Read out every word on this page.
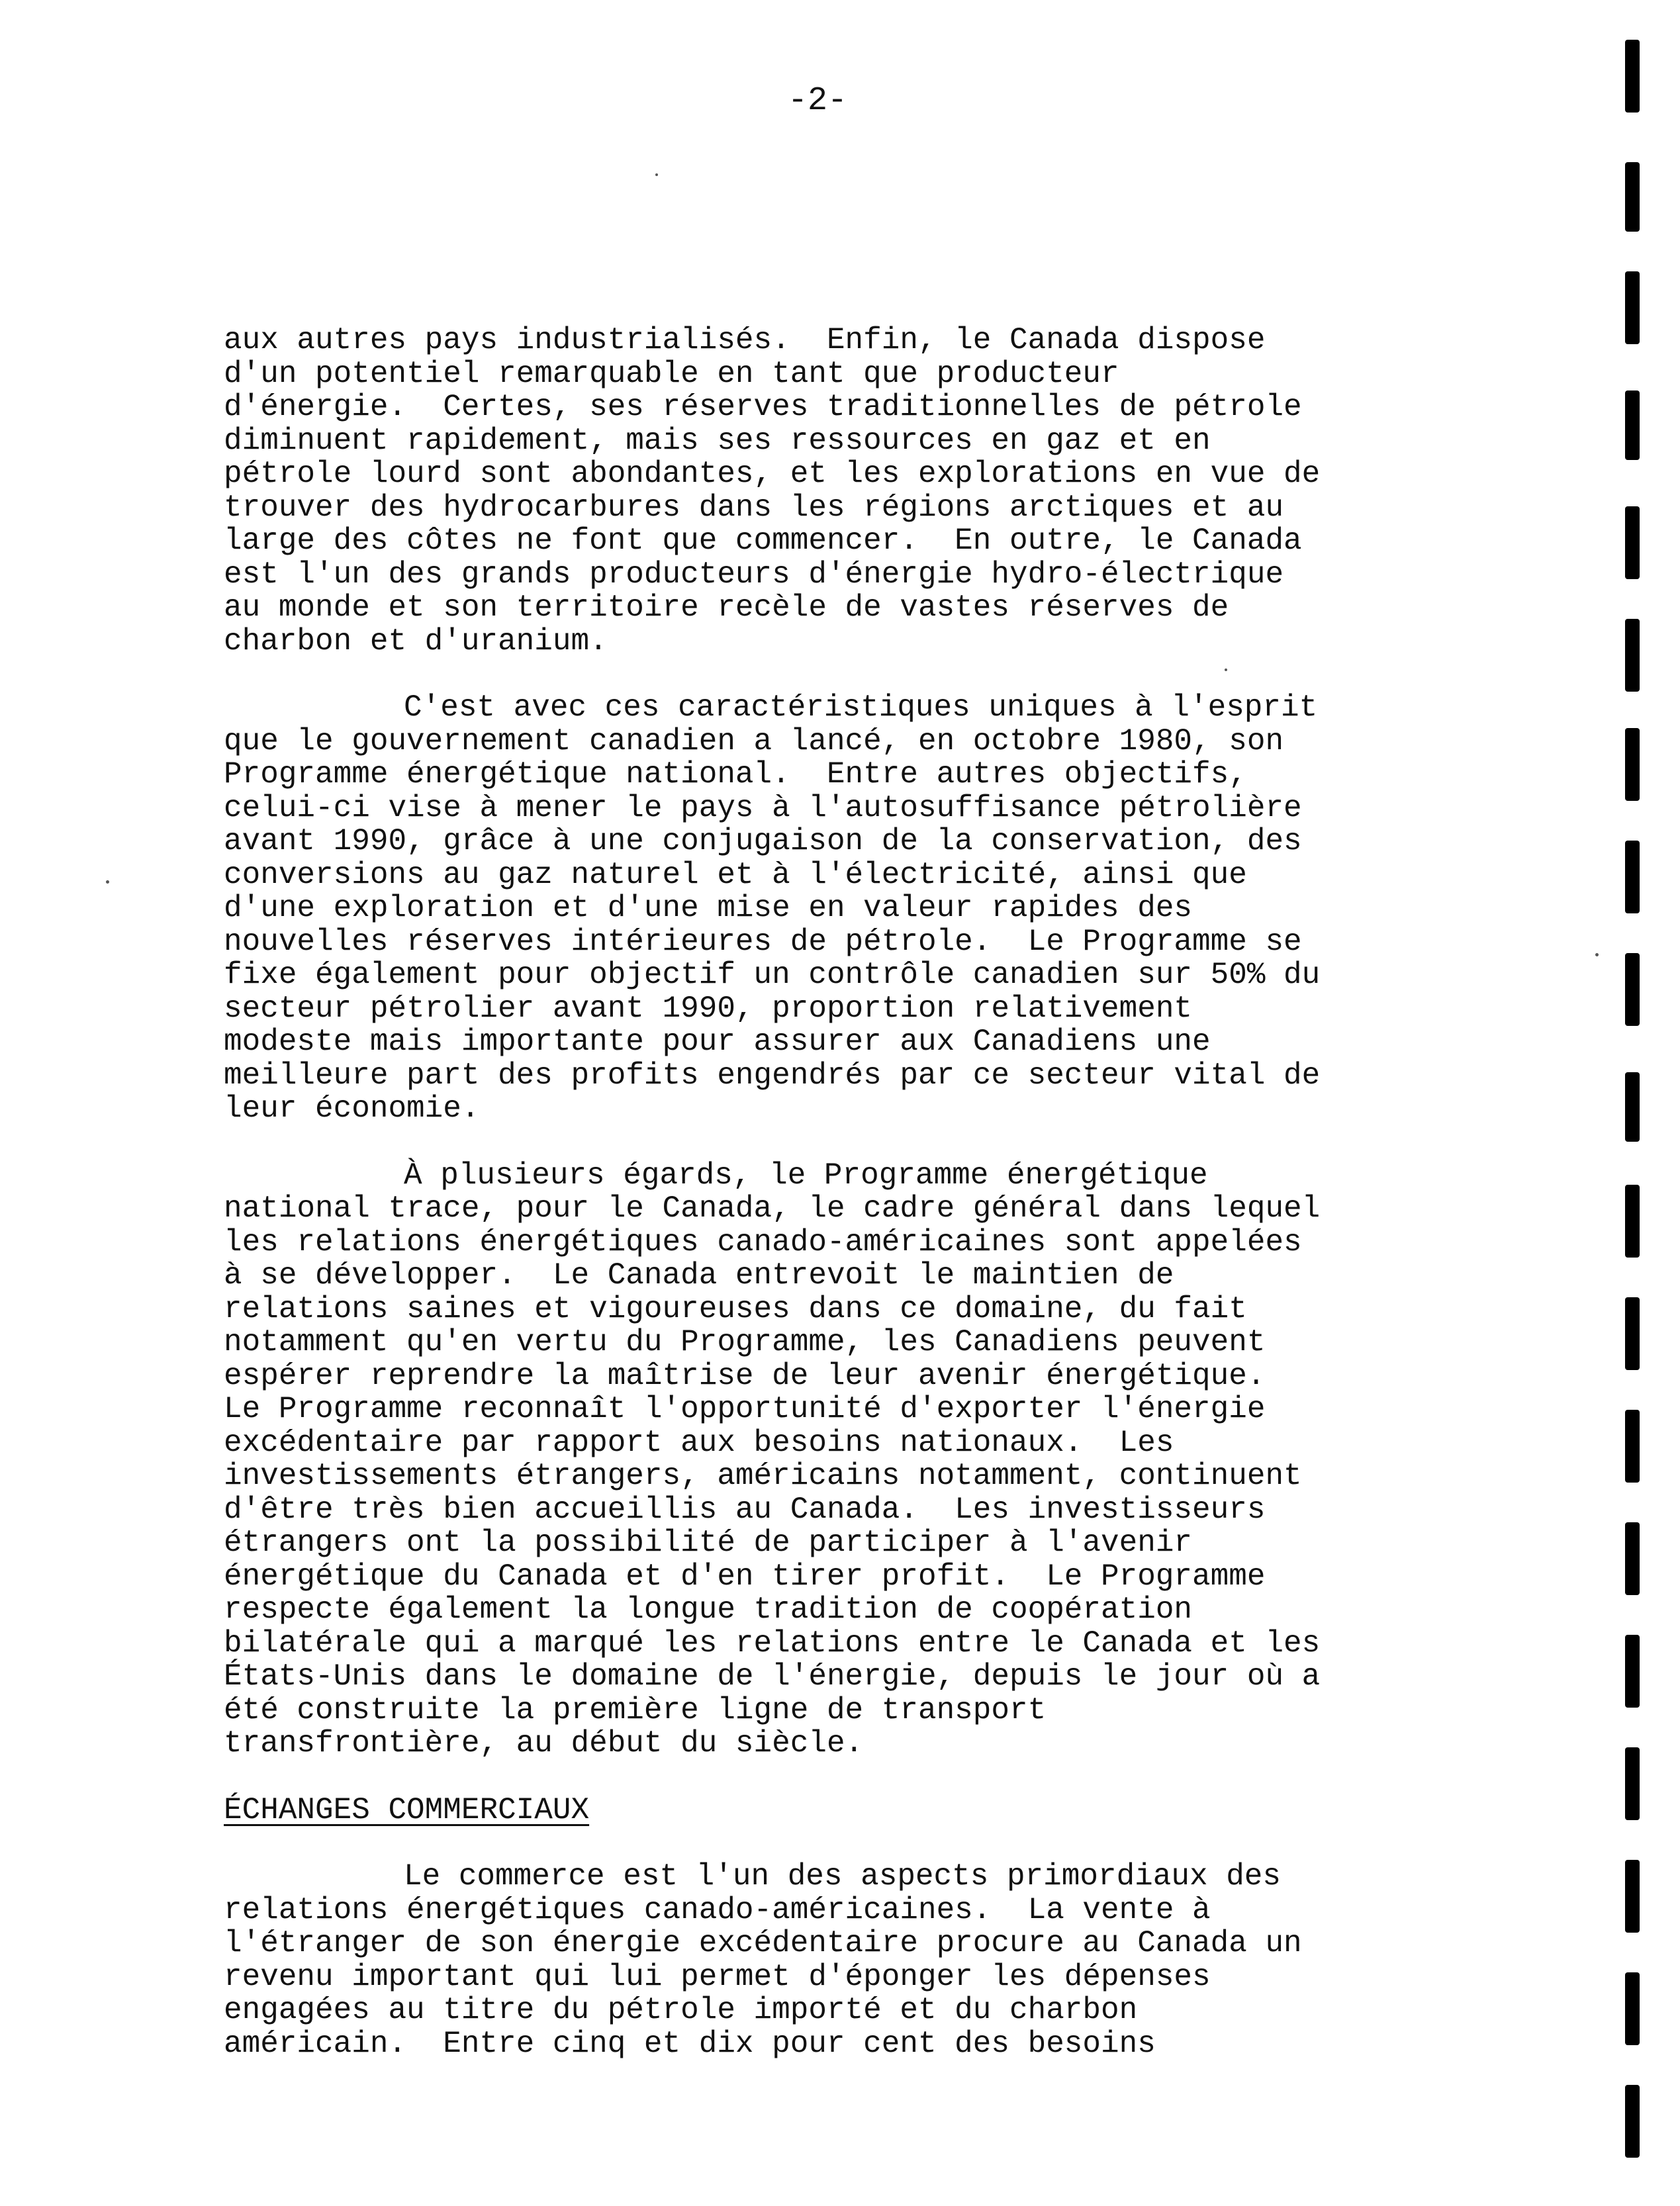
-2-
aux autres pays industrialisés.  Enfin, le Canada dispose
d'un potentiel remarquable en tant que producteur
d'énergie.  Certes, ses réserves traditionnelles de pétrole
diminuent rapidement, mais ses ressources en gaz et en
pétrole lourd sont abondantes, et les explorations en vue de
trouver des hydrocarbures dans les régions arctiques et au
large des côtes ne font que commencer.  En outre, le Canada
est l'un des grands producteurs d'énergie hydro-électrique
au monde et son territoire recèle de vastes réserves de
charbon et d'uranium.
C'est avec ces caractéristiques uniques à l'esprit
que le gouvernement canadien a lancé, en octobre 1980, son
Programme énergétique national.  Entre autres objectifs,
celui-ci vise à mener le pays à l'autosuffisance pétrolière
avant 1990, grâce à une conjugaison de la conservation, des
conversions au gaz naturel et à l'électricité, ainsi que
d'une exploration et d'une mise en valeur rapides des
nouvelles réserves intérieures de pétrole.  Le Programme se
fixe également pour objectif un contrôle canadien sur 50% du
secteur pétrolier avant 1990, proportion relativement
modeste mais importante pour assurer aux Canadiens une
meilleure part des profits engendrés par ce secteur vital de
leur économie.
À plusieurs égards, le Programme énergétique
national trace, pour le Canada, le cadre général dans lequel
les relations énergétiques canado-américaines sont appelées
à se développer.  Le Canada entrevoit le maintien de
relations saines et vigoureuses dans ce domaine, du fait
notamment qu'en vertu du Programme, les Canadiens peuvent
espérer reprendre la maîtrise de leur avenir énergétique.
Le Programme reconnaît l'opportunité d'exporter l'énergie
excédentaire par rapport aux besoins nationaux.  Les
investissements étrangers, américains notamment, continuent
d'être très bien accueillis au Canada.  Les investisseurs
étrangers ont la possibilité de participer à l'avenir
énergétique du Canada et d'en tirer profit.  Le Programme
respecte également la longue tradition de coopération
bilatérale qui a marqué les relations entre le Canada et les
États-Unis dans le domaine de l'énergie, depuis le jour où a
été construite la première ligne de transport
transfrontière, au début du siècle.
ÉCHANGES COMMERCIAUX
Le commerce est l'un des aspects primordiaux des
relations énergétiques canado-américaines.  La vente à
l'étranger de son énergie excédentaire procure au Canada un
revenu important qui lui permet d'éponger les dépenses
engagées au titre du pétrole importé et du charbon
américain.  Entre cinq et dix pour cent des besoins
